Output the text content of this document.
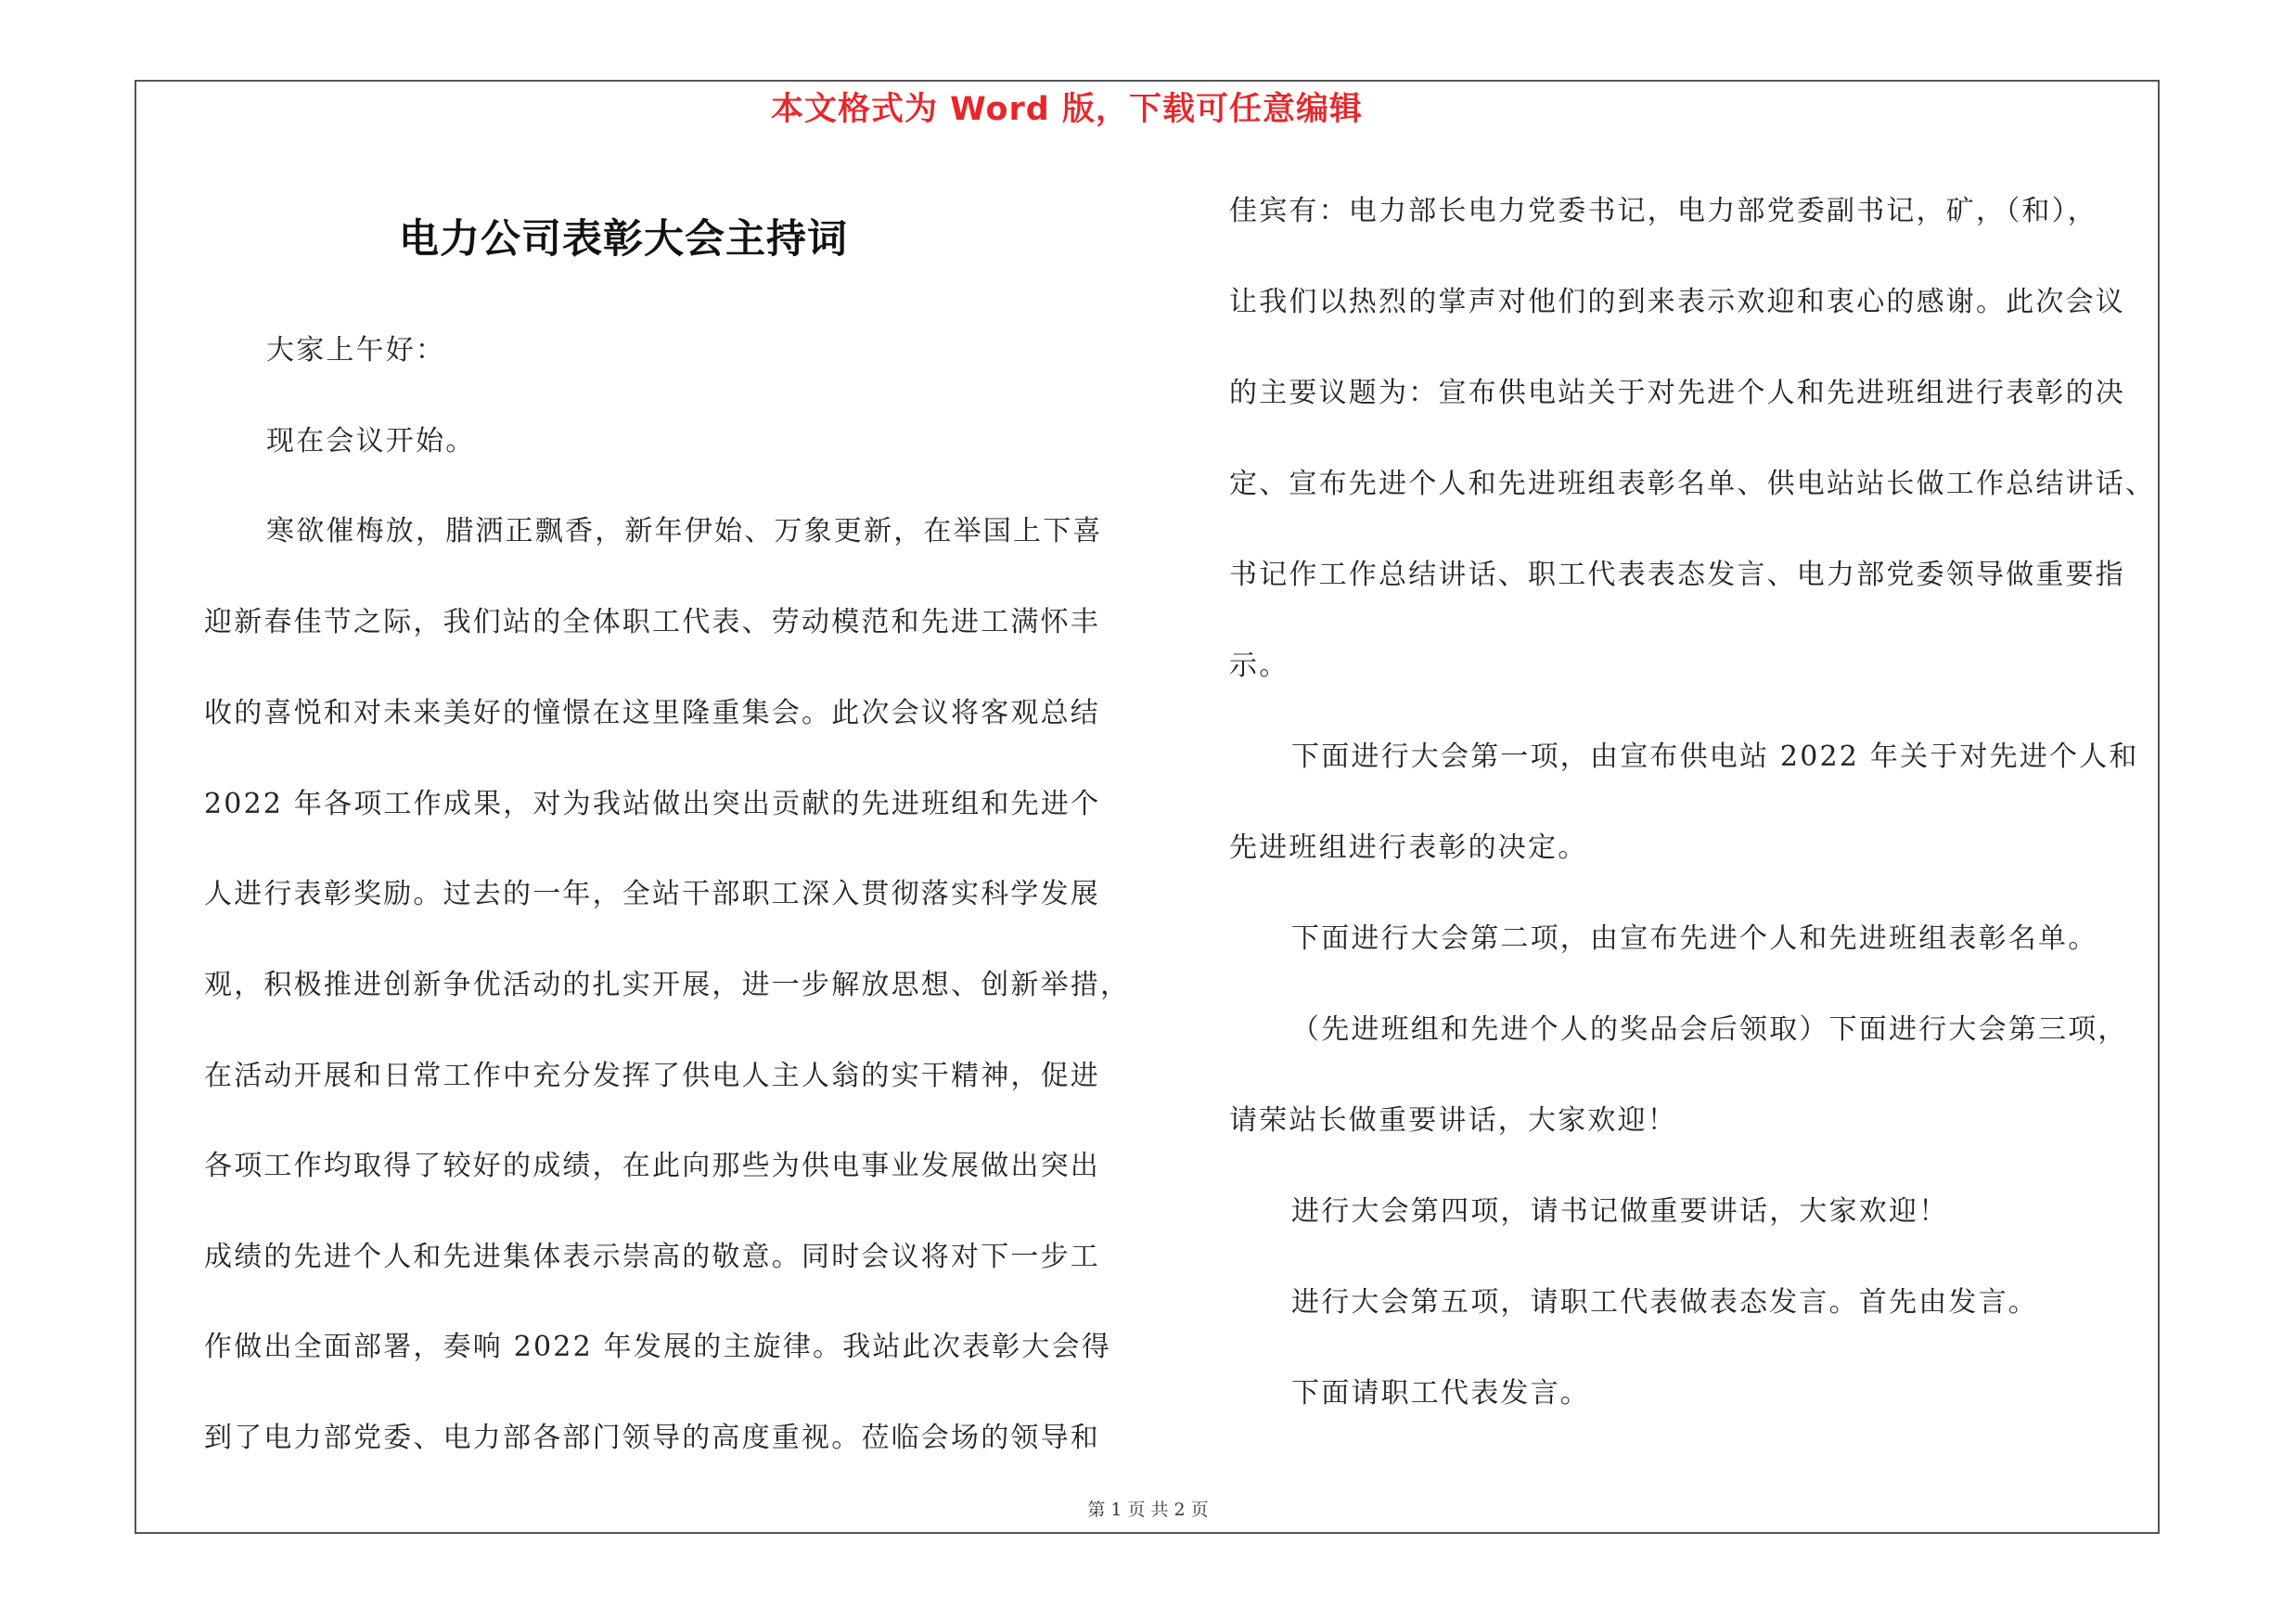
本文格式为 Word 版，下载可任意编辑
电力公司表彰大会主持词
大家上午好：
现在会议开始。
寒欲催梅放，腊洒正飘香，新年伊始、万象更新，在举国上下喜
迎新春佳节之际，我们站的全体职工代表、劳动模范和先进工满怀丰
收的喜悦和对未来美好的憧憬在这里隆重集会。此次会议将客观总结
2022 年各项工作成果，对为我站做出突出贡献的先进班组和先进个
人进行表彰奖励。过去的一年，全站干部职工深入贯彻落实科学发展
观，积极推进创新争优活动的扎实开展，进一步解放思想、创新举措，
在活动开展和日常工作中充分发挥了供电人主人翁的实干精神，促进
各项工作均取得了较好的成绩，在此向那些为供电事业发展做出突出
成绩的先进个人和先进集体表示崇高的敬意。同时会议将对下一步工
作做出全面部署，奏响 2022 年发展的主旋律。我站此次表彰大会得
到了电力部党委、电力部各部门领导的高度重视。莅临会场的领导和
佳宾有：电力部长电力党委书记，电力部党委副书记，矿，（和），
让我们以热烈的掌声对他们的到来表示欢迎和衷心的感谢。此次会议
的主要议题为：宣布供电站关于对先进个人和先进班组进行表彰的决
定、宣布先进个人和先进班组表彰名单、供电站站长做工作总结讲话、
书记作工作总结讲话、职工代表表态发言、电力部党委领导做重要指
示。
下面进行大会第一项，由宣布供电站 2022 年关于对先进个人和
先进班组进行表彰的决定。
下面进行大会第二项，由宣布先进个人和先进班组表彰名单。
（先进班组和先进个人的奖品会后领取）下面进行大会第三项，
请荣站长做重要讲话，大家欢迎！
进行大会第四项，请书记做重要讲话，大家欢迎！
进行大会第五项，请职工代表做表态发言。首先由发言。
下面请职工代表发言。
第 1 页 共 2 页
